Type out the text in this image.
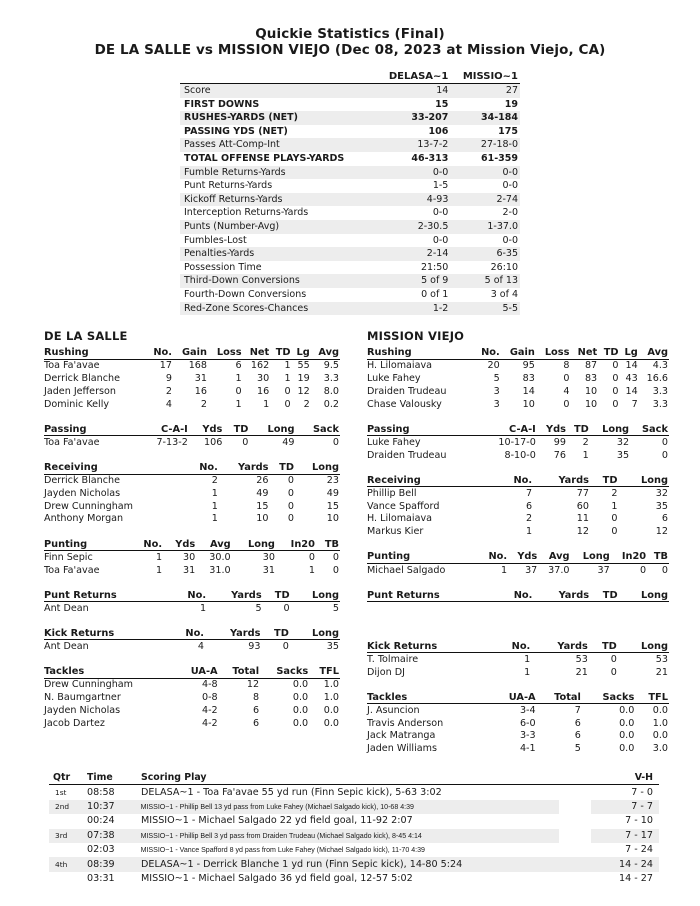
Quickie Statistics (Final)
DE LA SALLE vs MISSION VIEJO (Dec 08, 2023 at Mission Viejo, CA)
	DELASA~1	MISSIO~1
Score	14	27
FIRST DOWNS	15	19
RUSHES-YARDS (NET)	33-207	34-184
PASSING YDS (NET)	106	175
Passes Att-Comp-Int	13-7-2	27-18-0
TOTAL OFFENSE PLAYS-YARDS	46-313	61-359
Fumble Returns-Yards	0-0	0-0
Punt Returns-Yards	1-5	0-0
Kickoff Returns-Yards	4-93	2-74
Interception Returns-Yards	0-0	2-0
Punts (Number-Avg)	2-30.5	1-37.0
Fumbles-Lost	0-0	0-0
Penalties-Yards	2-14	6-35
Possession Time	21:50	26:10
Third-Down Conversions	5 of 9	5 of 13
Fourth-Down Conversions	0 of 1	3 of 4
Red-Zone Scores-Chances	1-2	5-5
DE LA SALLE
Rushing	No.	Gain	Loss	Net	TD	Lg	Avg
Toa Fa'avae	17	168	6	162	1	55	9.5
Derrick Blanche	9	31	1	30	1	19	3.3
Jaden Jefferson	2	16	0	16	0	12	8.0
Dominic Kelly	4	2	1	1	0	2	0.2
Passing	C-A-I	Yds	TD	Long	Sack
Toa Fa'avae	7-13-2	106	0	49	0
Receiving	No.	Yards	TD	Long
Derrick Blanche	2	26	0	23
Jayden Nicholas	1	49	0	49
Drew Cunningham	1	15	0	15
Anthony Morgan	1	10	0	10
Punting	No.	Yds	Avg	Long	In20	TB
Finn Sepic	1	30	30.0	30	0	0
Toa Fa'avae	1	31	31.0	31	1	0
Punt Returns	No.	Yards	TD	Long
Ant Dean	1	5	0	5
Kick Returns	No.	Yards	TD	Long
Ant Dean	4	93	0	35
Tackles	UA-A	Total	Sacks	TFL
Drew Cunningham	4-8	12	0.0	1.0
N. Baumgartner	0-8	8	0.0	1.0
Jayden Nicholas	4-2	6	0.0	0.0
Jacob Dartez	4-2	6	0.0	0.0
MISSION VIEJO
Rushing	No.	Gain	Loss	Net	TD	Lg	Avg
H. Lilomaiava	20	95	8	87	0	14	4.3
Luke Fahey	5	83	0	83	0	43	16.6
Draiden Trudeau	3	14	4	10	0	14	3.3
Chase Valousky	3	10	0	10	0	7	3.3
Passing	C-A-I	Yds	TD	Long	Sack
Luke Fahey	10-17-0	99	2	32	0
Draiden Trudeau	8-10-0	76	1	35	0
Receiving	No.	Yards	TD	Long
Phillip Bell	7	77	2	32
Vance Spafford	6	60	1	35
H. Lilomaiava	2	11	0	6
Markus Kier	1	12	0	12
Punting	No.	Yds	Avg	Long	In20	TB
Michael Salgado	1	37	37.0	37	0	0
Punt Returns	No.	Yards	TD	Long

Kick Returns	No.	Yards	TD	Long
T. Tolmaire	1	53	0	53
Dijon DJ	1	21	0	21
Tackles	UA-A	Total	Sacks	TFL
J. Asuncion	3-4	7	0.0	0.0
Travis Anderson	6-0	6	0.0	1.0
Jack Matranga	3-3	6	0.0	0.0
Jaden Williams	4-1	5	0.0	3.0
Qtr	Time	Scoring Play	V-H
1st	08:58	DELASA~1 - Toa Fa'avae 55 yd run (Finn Sepic kick), 5-63 3:02	7 - 0
2nd	10:37	MISSIO~1 - Phillip Bell 13 yd pass from Luke Fahey (Michael Salgado kick), 10-68 4:39	7 - 7
	00:24	MISSIO~1 - Michael Salgado 22 yd field goal, 11-92 2:07	7 - 10
3rd	07:38	MISSIO~1 - Phillip Bell 3 yd pass from Draiden Trudeau (Michael Salgado kick), 8-45 4:14	7 - 17
	02:03	MISSIO~1 - Vance Spafford 8 yd pass from Luke Fahey (Michael Salgado kick), 11-70 4:39	7 - 24
4th	08:39	DELASA~1 - Derrick Blanche 1 yd run (Finn Sepic kick), 14-80 5:24	14 - 24
	03:31	MISSIO~1 - Michael Salgado 36 yd field goal, 12-57 5:02	14 - 27
